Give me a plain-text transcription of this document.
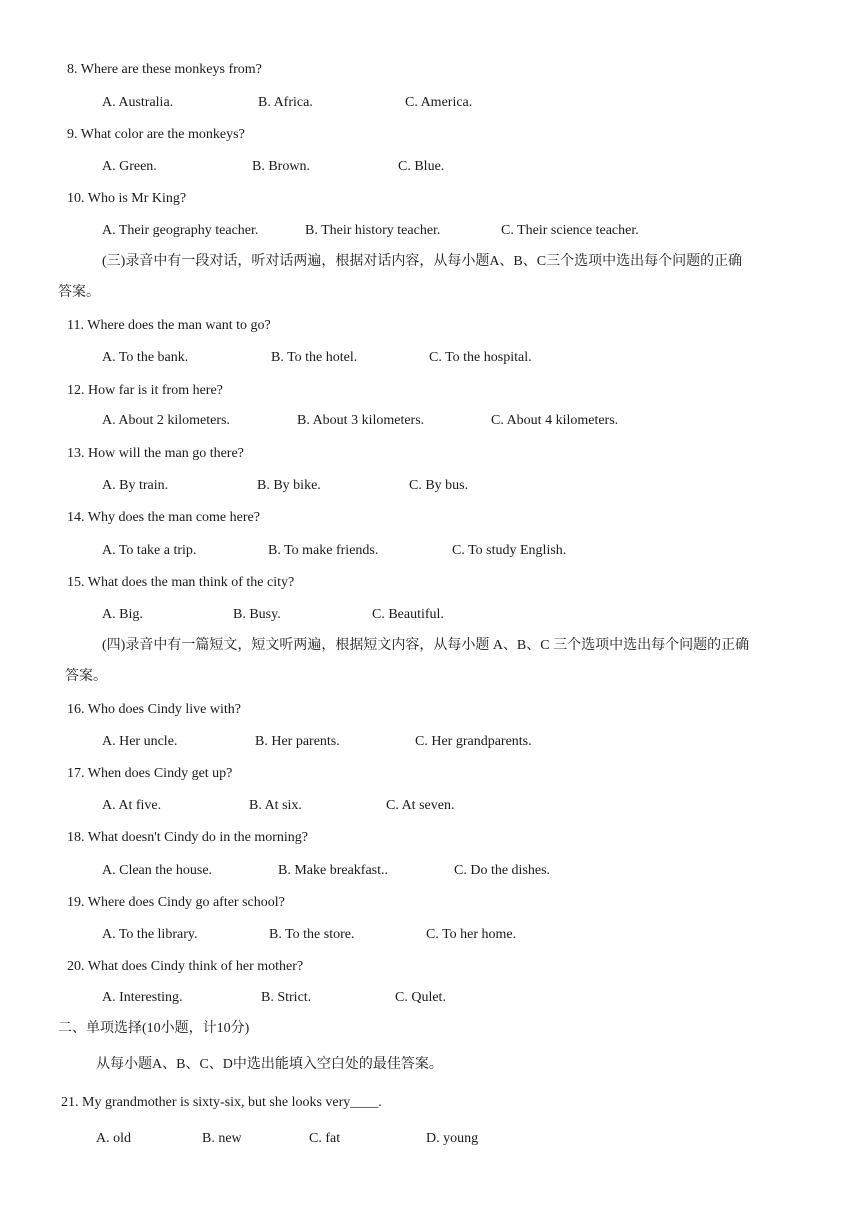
8. Where are these monkeys from?
A. Australia.	B. Africa.	C. America.
9. What color are the monkeys?
A. Green.	B. Brown.	C. Blue.
10. Who is Mr King?
A. Their geography teacher.	B. Their history teacher.	C. Their science teacher.
(三)录音中有一段对话，听对话两遍，根据对话内容，从每小题A、B、C三个选项中选出每个问题的正确
答案。
11. Where does the man want to go?
A. To the bank.	B. To the hotel.	C. To the hospital.
12. How far is it from here?
A. About 2 kilometers.	B. About 3 kilometers.	C. About 4 kilometers.
13. How will the man go there?
A. By train.	B. By bike.	C. By bus.
14. Why does the man come here?
A. To take a trip.	B. To make friends.	C. To study English.
15. What does the man think of the city?
A. Big.	B. Busy.	C. Beautiful.
(四)录音中有一篇短文，短文听两遍，根据短文内容，从每小题 A、B、C 三个选项中选出每个问题的正确
答案。
16. Who does Cindy live with?
A. Her uncle.	B. Her parents.	C. Her grandparents.
17. When does Cindy get up?
A. At five.	B. At six.	C. At seven.
18. What doesn't Cindy do in the morning?
A. Clean the house.	B. Make breakfast..	C. Do the dishes.
19. Where does Cindy go after school?
A. To the library.	B. To the store.	C. To her home.
20. What does Cindy think of her mother?
A. Interesting.	B. Strict.	C. Qulet.
二、单项选择(10小题，计10分)
从每小题A、B、C、D中选出能填入空白处的最佳答案。
21. My grandmother is sixty-six, but she looks very____.
A. old	B. new	C. fat	D. young
